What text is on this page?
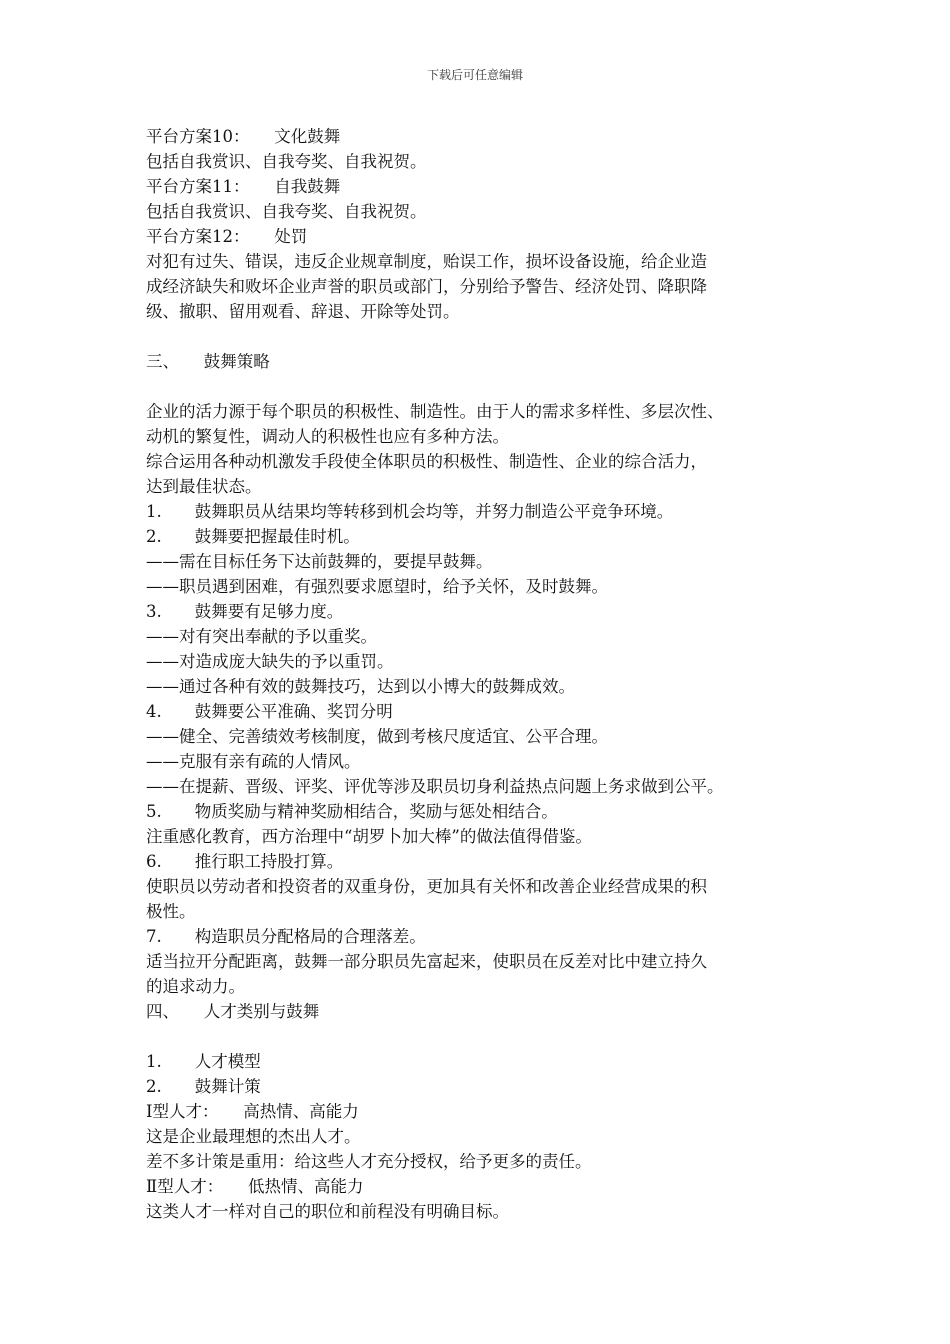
下载后可任意编辑
平台方案10：　　文化鼓舞
包括自我赏识、自我夸奖、自我祝贺。
平台方案11：　　自我鼓舞
包括自我赏识、自我夸奖、自我祝贺。
平台方案12：　　处罚
对犯有过失、错误，违反企业规章制度，贻误工作，损坏设备设施，给企业造
成经济缺失和败坏企业声誉的职员或部门，分别给予警告、经济处罚、降职降
级、撤职、留用观看、辞退、开除等处罚。
三、　　鼓舞策略
企业的活力源于每个职员的积极性、制造性。由于人的需求多样性、多层次性、
动机的繁复性，调动人的积极性也应有多种方法。
综合运用各种动机激发手段使全体职员的积极性、制造性、企业的综合活力，
达到最佳状态。
1.　　鼓舞职员从结果均等转移到机会均等，并努力制造公平竞争环境。
2.　　鼓舞要把握最佳时机。
——需在目标任务下达前鼓舞的，要提早鼓舞。
——职员遇到困难，有强烈要求愿望时，给予关怀，及时鼓舞。
3.　　鼓舞要有足够力度。
——对有突出奉献的予以重奖。
——对造成庞大缺失的予以重罚。
——通过各种有效的鼓舞技巧，达到以小博大的鼓舞成效。
4.　　鼓舞要公平准确、奖罚分明
——健全、完善绩效考核制度，做到考核尺度适宜、公平合理。
——克服有亲有疏的人情风。
——在提薪、晋级、评奖、评优等涉及职员切身利益热点问题上务求做到公平。
5.　　物质奖励与精神奖励相结合，奖励与惩处相结合。
注重感化教育，西方治理中“胡罗卜加大棒”的做法值得借鉴。
6.　　推行职工持股打算。
使职员以劳动者和投资者的双重身份，更加具有关怀和改善企业经营成果的积
极性。
7.　　构造职员分配格局的合理落差。
适当拉开分配距离，鼓舞一部分职员先富起来，使职员在反差对比中建立持久
的追求动力。
四、　　人才类别与鼓舞
1.　　人才模型
2.　　鼓舞计策
Ⅰ型人才：　　高热情、高能力
这是企业最理想的杰出人才。
差不多计策是重用：给这些人才充分授权，给予更多的责任。
Ⅱ型人才：　　低热情、高能力
这类人才一样对自己的职位和前程没有明确目标。
